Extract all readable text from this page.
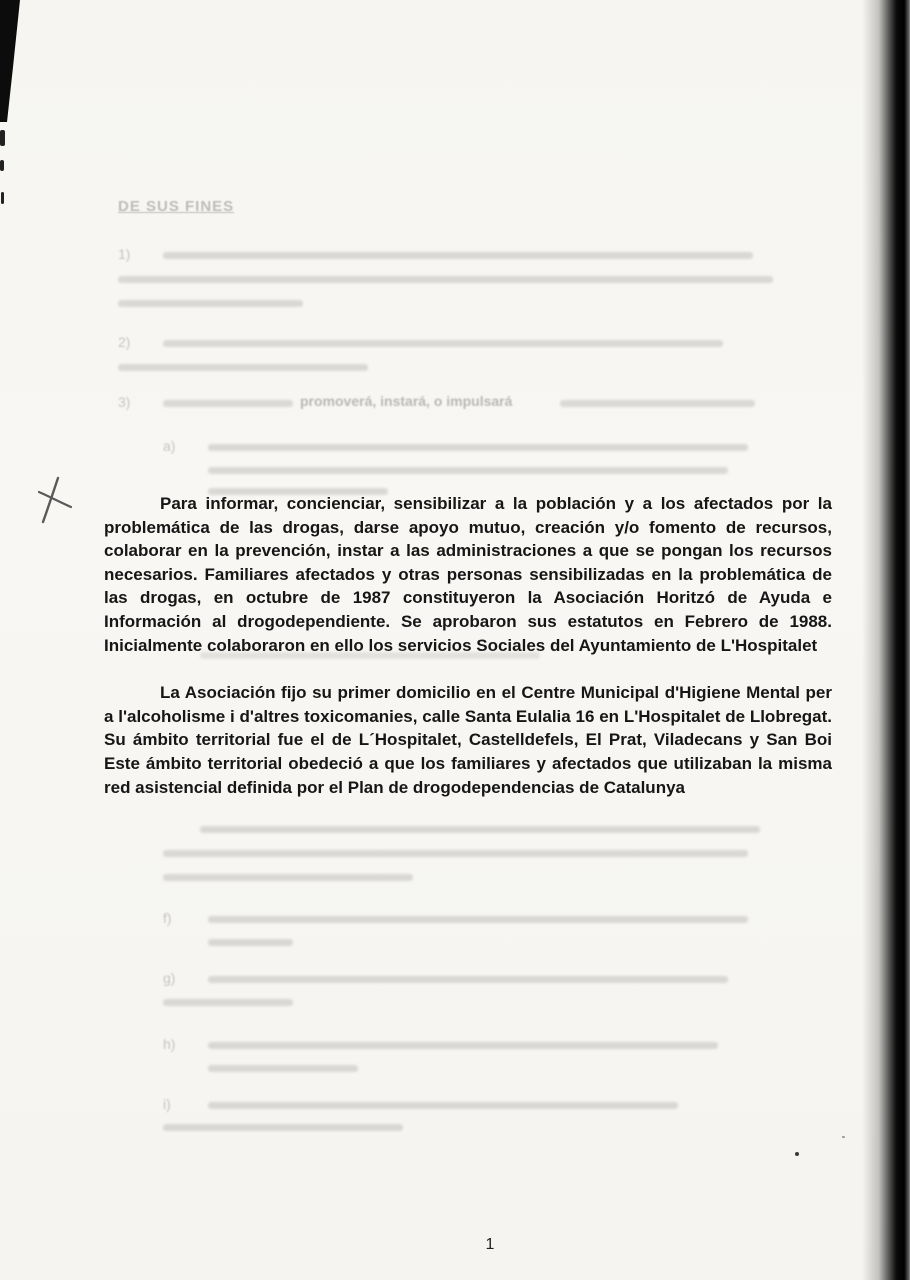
DE SUS FINES
1)
2)
3)	promoverá, instará, o impulsará
a)
f)
g)
h)
i)

Para informar, concienciar, sensibilizar a la población y a los afectados por la problemática de las drogas, darse apoyo mutuo, creación y/o fomento de recursos, colaborar en la prevención, instar a las administraciones a que se pongan los recursos necesarios. Familiares afectados y otras personas sensibilizadas en la problemática de las drogas, en octubre de 1987 constituyeron la Asociación Horitzó de Ayuda e Información al drogodependiente. Se aprobaron sus estatutos en Febrero de 1988. Inicialmente colaboraron en ello los servicios Sociales del Ayuntamiento de L'Hospitalet

La Asociación fijo su primer domicilio en el Centre Municipal d'Higiene Mental per a l'alcoholisme i d'altres toxicomanies, calle Santa Eulalia 16 en L'Hospitalet de Llobregat. Su ámbito territorial fue el de L´Hospitalet, Castelldefels, El Prat, Viladecans y San Boi Este ámbito territorial obedeció a que los familiares y afectados que utilizaban la misma red asistencial definida por el Plan de drogodependencias de Catalunya

1
